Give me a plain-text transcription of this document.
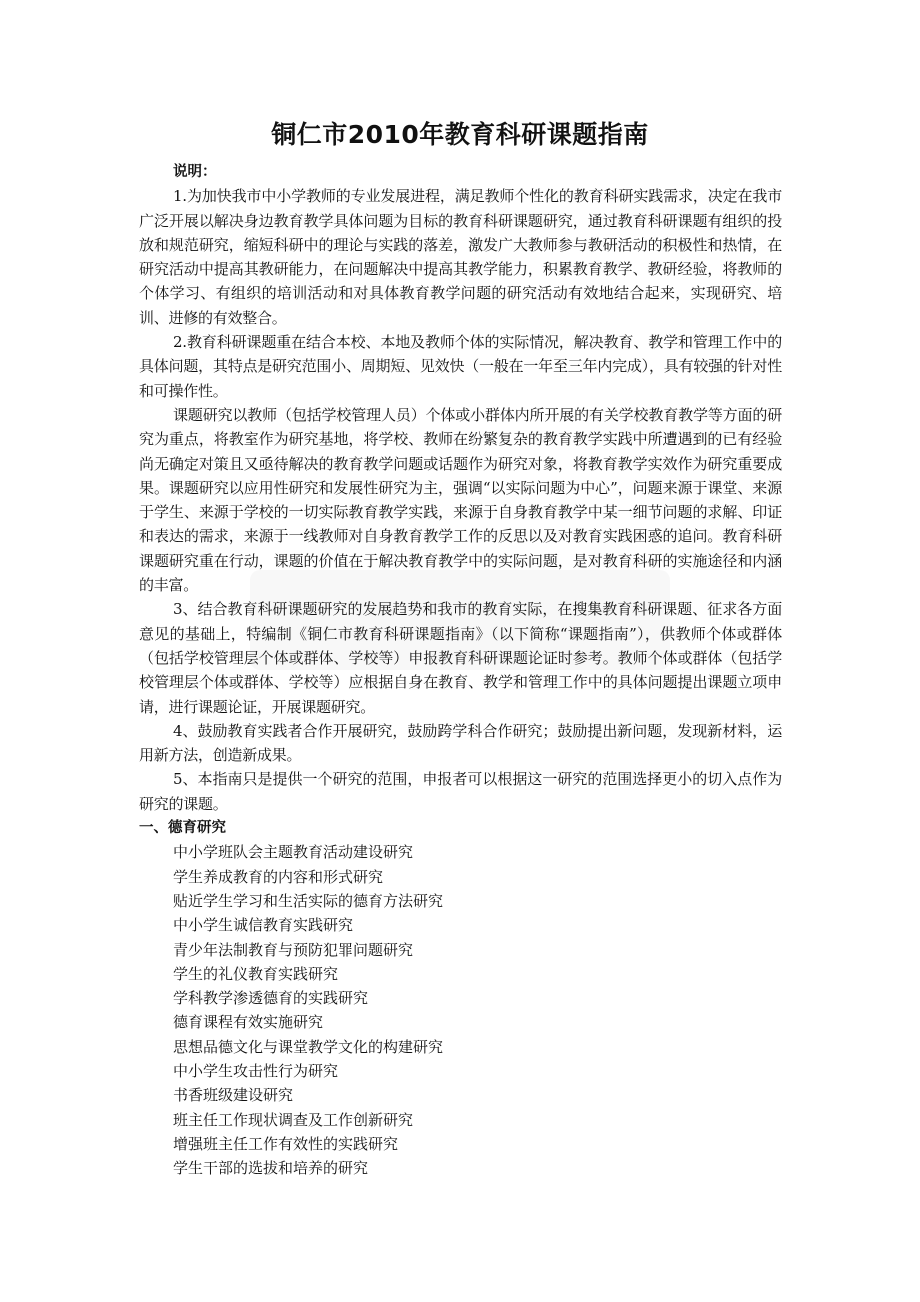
铜仁市2010年教育科研课题指南

说明：

1.为加快我市中小学教师的专业发展进程，满足教师个性化的教育科研实践需求，决定在我市广泛开展以解决身边教育教学具体问题为目标的教育科研课题研究，通过教育科研课题有组织的投放和规范研究，缩短科研中的理论与实践的落差，激发广大教师参与教研活动的积极性和热情，在研究活动中提高其教研能力，在问题解决中提高其教学能力，积累教育教学、教研经验，将教师的个体学习、有组织的培训活动和对具体教育教学问题的研究活动有效地结合起来，实现研究、培训、进修的有效整合。

2.教育科研课题重在结合本校、本地及教师个体的实际情况，解决教育、教学和管理工作中的具体问题，其特点是研究范围小、周期短、见效快（一般在一年至三年内完成），具有较强的针对性和可操作性。

课题研究以教师（包括学校管理人员）个体或小群体内所开展的有关学校教育教学等方面的研究为重点，将教室作为研究基地，将学校、教师在纷繁复杂的教育教学实践中所遭遇到的已有经验尚无确定对策且又亟待解决的教育教学问题或话题作为研究对象，将教育教学实效作为研究重要成果。课题研究以应用性研究和发展性研究为主，强调“以实际问题为中心”，问题来源于课堂、来源于学生、来源于学校的一切实际教育教学实践，来源于自身教育教学中某一细节问题的求解、印证和表达的需求，来源于一线教师对自身教育教学工作的反思以及对教育实践困惑的追问。教育科研课题研究重在行动，课题的价值在于解决教育教学中的实际问题，是对教育科研的实施途径和内涵的丰富。

3、结合教育科研课题研究的发展趋势和我市的教育实际，在搜集教育科研课题、征求各方面意见的基础上，特编制《铜仁市教育科研课题指南》（以下简称“课题指南”），供教师个体或群体（包括学校管理层个体或群体、学校等）申报教育科研课题论证时参考。教师个体或群体（包括学校管理层个体或群体、学校等）应根据自身在教育、教学和管理工作中的具体问题提出课题立项申请，进行课题论证，开展课题研究。

4、鼓励教育实践者合作开展研究，鼓励跨学科合作研究；鼓励提出新问题，发现新材料，运用新方法，创造新成果。

5、本指南只是提供一个研究的范围，申报者可以根据这一研究的范围选择更小的切入点作为研究的课题。

一、德育研究

中小学班队会主题教育活动建设研究
学生养成教育的内容和形式研究
贴近学生学习和生活实际的德育方法研究
中小学生诚信教育实践研究
青少年法制教育与预防犯罪问题研究
学生的礼仪教育实践研究
学科教学渗透德育的实践研究
德育课程有效实施研究
思想品德文化与课堂教学文化的构建研究
中小学生攻击性行为研究
书香班级建设研究
班主任工作现状调查及工作创新研究
增强班主任工作有效性的实践研究
学生干部的选拔和培养的研究
